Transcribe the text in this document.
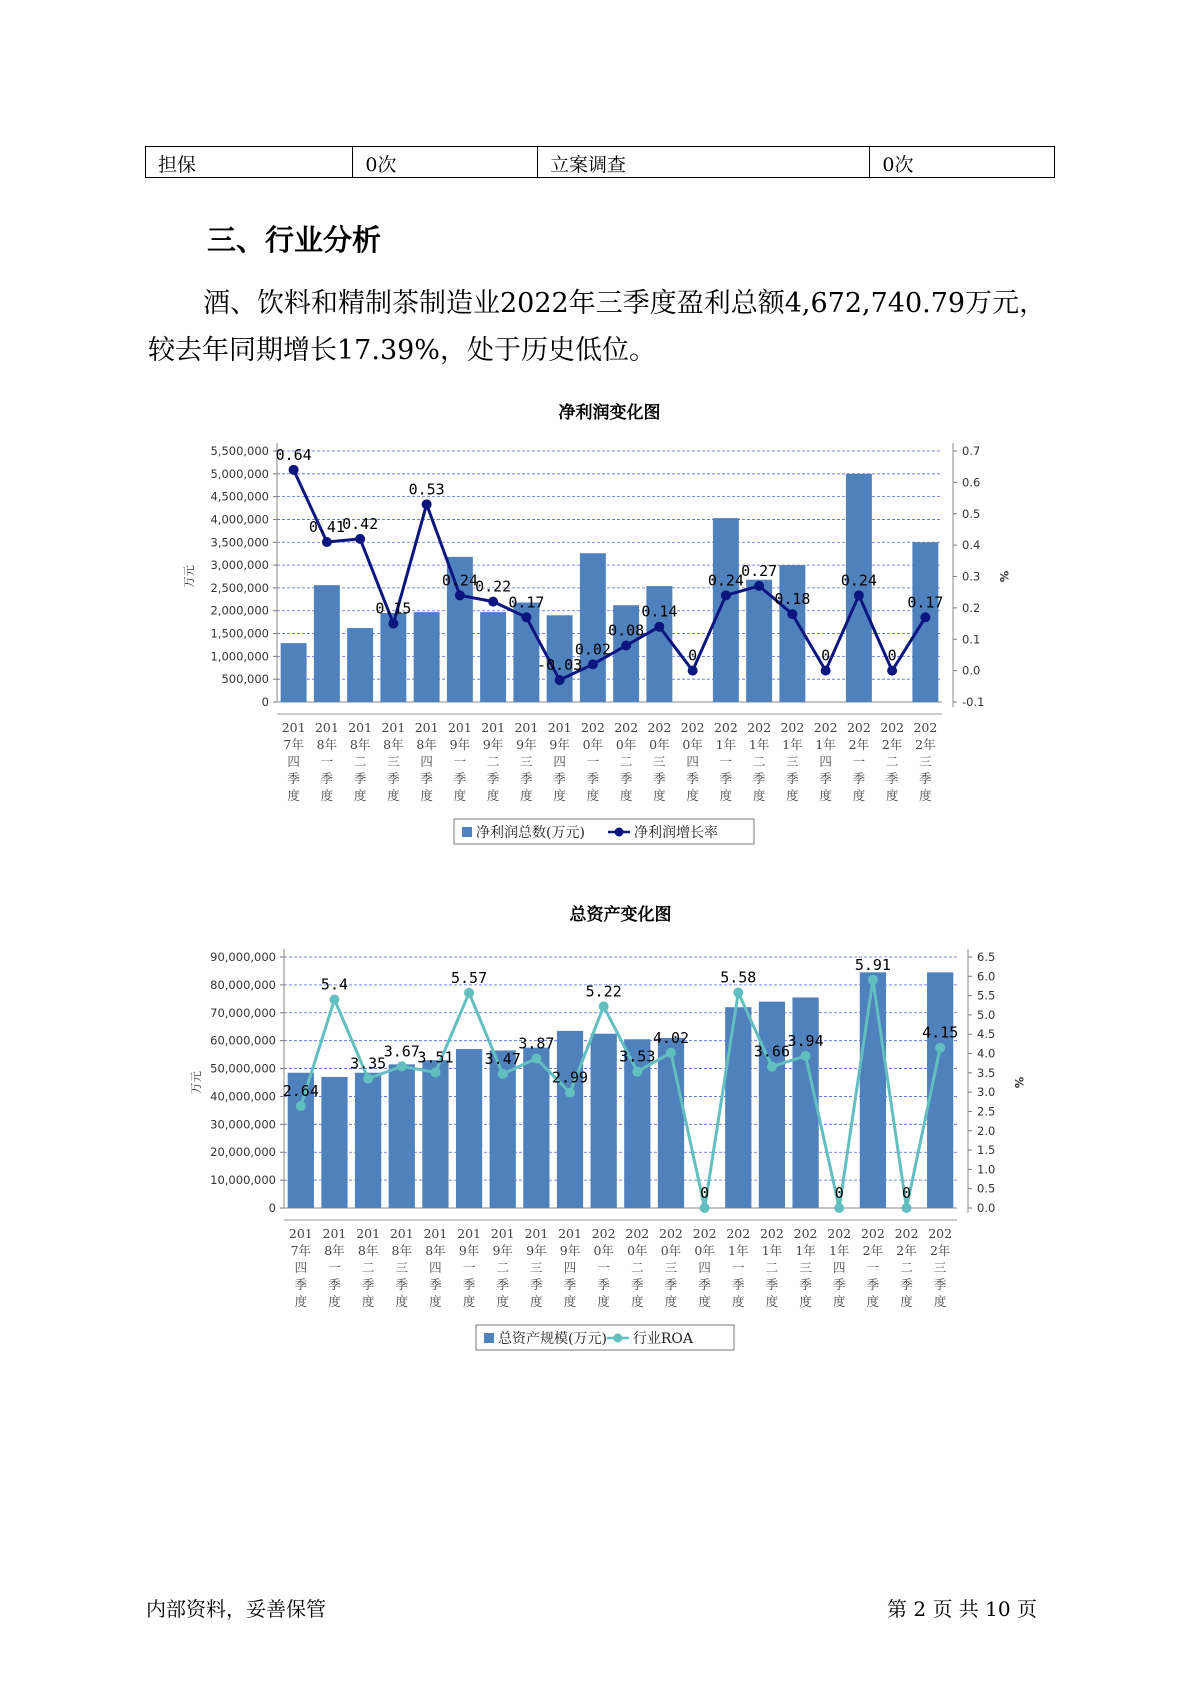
担保	0次	立案调查	0次
三、行业分析
酒、饮料和精制茶制造业2022年三季度盈利总额4,672,740.79万元，较去年同期增长17.39%，处于历史低位。
净利润变化图
0
500,000
1,000,000
1,500,000
2,000,000
2,500,000
3,000,000
3,500,000
4,000,000
4,500,000
5,000,000
5,500,000
-0.1
0.0
0.1
0.2
0.3
0.4
0.5
0.6
0.7
万元	%
0.64
0.41
0.42
0.15
0.53
0.24
0.22
0.17
-0.03
0.02
0.08
0.14
0
0.24
0.27
0.18
0
0.24
0
0.17
201 7年四季度
201 8年一季度
201 8年二季度
201 8年三季度
201 8年四季度
201 9年一季度
201 9年二季度
201 9年三季度
201 9年四季度
202 0年一季度
202 0年二季度
202 0年三季度
202 0年四季度
202 1年一季度
202 1年二季度
202 1年三季度
202 1年四季度
202 2年一季度
202 2年二季度
202 2年三季度
净利润总数(万元)	净利润增长率
总资产变化图
0
10,000,000
20,000,000
30,000,000
40,000,000
50,000,000
60,000,000
70,000,000
80,000,000
90,000,000
0.0
0.5
1.0
1.5
2.0
2.5
3.0
3.5
4.0
4.5
5.0
5.5
6.0
6.5
万元	%
2.64
5.4
3.35
3.67
3.51
5.57
3.47
3.87
2.99
5.22
3.53
4.02
0
5.58
3.66
3.94
0
5.91
0
4.15
201 7年四季度
201 8年一季度
201 8年二季度
201 8年三季度
201 8年四季度
201 9年一季度
201 9年二季度
201 9年三季度
201 9年四季度
202 0年一季度
202 0年二季度
202 0年三季度
202 0年四季度
202 1年一季度
202 1年二季度
202 1年三季度
202 1年四季度
202 2年一季度
202 2年二季度
202 2年三季度
总资产规模(万元) 行业ROA
内部资料，妥善保管	第 2 页 共 10 页
